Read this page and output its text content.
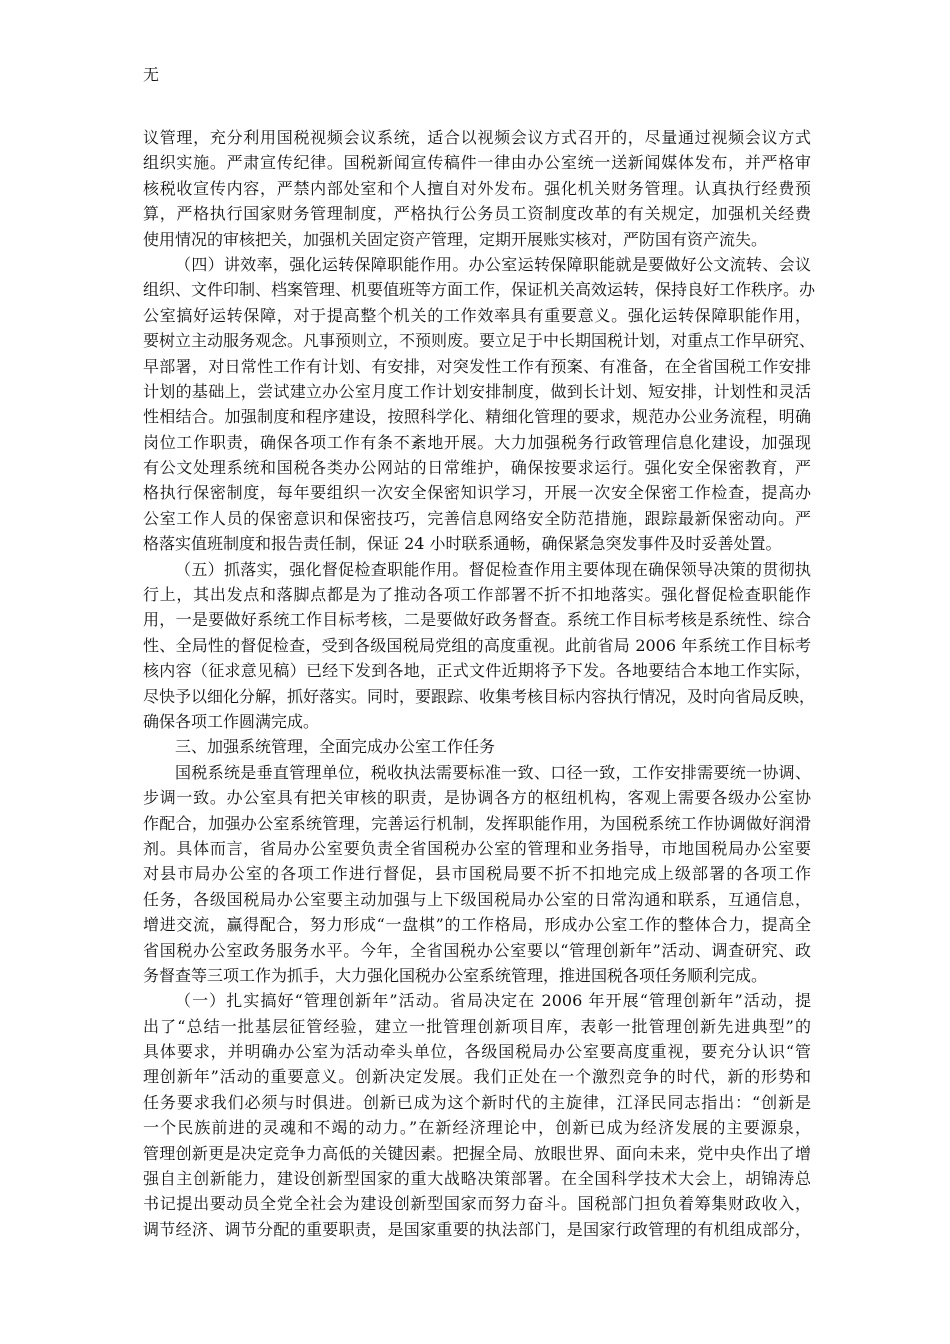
无
议管理，充分利用国税视频会议系统，适合以视频会议方式召开的，尽量通过视频会议方式
组织实施。严肃宣传纪律。国税新闻宣传稿件一律由办公室统一送新闻媒体发布，并严格审
核税收宣传内容，严禁内部处室和个人擅自对外发布。强化机关财务管理。认真执行经费预
算，严格执行国家财务管理制度，严格执行公务员工资制度改革的有关规定，加强机关经费
使用情况的审核把关，加强机关固定资产管理，定期开展账实核对，严防国有资产流失。
（四）讲效率，强化运转保障职能作用。办公室运转保障职能就是要做好公文流转、会议
组织、文件印制、档案管理、机要值班等方面工作，保证机关高效运转，保持良好工作秩序。办
公室搞好运转保障，对于提高整个机关的工作效率具有重要意义。强化运转保障职能作用，
要树立主动服务观念。凡事预则立，不预则废。要立足于中长期国税计划，对重点工作早研究、
早部署，对日常性工作有计划、有安排，对突发性工作有预案、有准备，在全省国税工作安排
计划的基础上，尝试建立办公室月度工作计划安排制度，做到长计划、短安排，计划性和灵活
性相结合。加强制度和程序建设，按照科学化、精细化管理的要求，规范办公业务流程，明确
岗位工作职责，确保各项工作有条不紊地开展。大力加强税务行政管理信息化建设，加强现
有公文处理系统和国税各类办公网站的日常维护，确保按要求运行。强化安全保密教育，严
格执行保密制度，每年要组织一次安全保密知识学习，开展一次安全保密工作检查，提高办
公室工作人员的保密意识和保密技巧，完善信息网络安全防范措施，跟踪最新保密动向。严
格落实值班制度和报告责任制，保证 24 小时联系通畅，确保紧急突发事件及时妥善处置。
（五）抓落实，强化督促检查职能作用。督促检查作用主要体现在确保领导决策的贯彻执
行上，其出发点和落脚点都是为了推动各项工作部署不折不扣地落实。强化督促检查职能作
用，一是要做好系统工作目标考核，二是要做好政务督查。系统工作目标考核是系统性、综合
性、全局性的督促检查，受到各级国税局党组的高度重视。此前省局 2006 年系统工作目标考
核内容（征求意见稿）已经下发到各地，正式文件近期将予下发。各地要结合本地工作实际，
尽快予以细化分解，抓好落实。同时，要跟踪、收集考核目标内容执行情况，及时向省局反映，
确保各项工作圆满完成。
三、加强系统管理，全面完成办公室工作任务
国税系统是垂直管理单位，税收执法需要标准一致、口径一致，工作安排需要统一协调、
步调一致。办公室具有把关审核的职责，是协调各方的枢纽机构，客观上需要各级办公室协
作配合，加强办公室系统管理，完善运行机制，发挥职能作用，为国税系统工作协调做好润滑
剂。具体而言，省局办公室要负责全省国税办公室的管理和业务指导，市地国税局办公室要
对县市局办公室的各项工作进行督促，县市国税局要不折不扣地完成上级部署的各项工作
任务，各级国税局办公室要主动加强与上下级国税局办公室的日常沟通和联系，互通信息，
增进交流，赢得配合，努力形成“一盘棋”的工作格局，形成办公室工作的整体合力，提高全
省国税办公室政务服务水平。今年，全省国税办公室要以“管理创新年”活动、调查研究、政
务督查等三项工作为抓手，大力强化国税办公室系统管理，推进国税各项任务顺利完成。
（一）扎实搞好“管理创新年”活动。省局决定在 2006 年开展“管理创新年”活动，提
出了“总结一批基层征管经验，建立一批管理创新项目库，表彰一批管理创新先进典型”的
具体要求，并明确办公室为活动牵头单位，各级国税局办公室要高度重视，要充分认识“管
理创新年”活动的重要意义。创新决定发展。我们正处在一个激烈竞争的时代，新的形势和
任务要求我们必须与时俱进。创新已成为这个新时代的主旋律，江泽民同志指出：“创新是
一个民族前进的灵魂和不竭的动力。”在新经济理论中，创新已成为经济发展的主要源泉，
管理创新更是决定竞争力高低的关键因素。把握全局、放眼世界、面向未来，党中央作出了增
强自主创新能力，建设创新型国家的重大战略决策部署。在全国科学技术大会上，胡锦涛总
书记提出要动员全党全社会为建设创新型国家而努力奋斗。国税部门担负着筹集财政收入，
调节经济、调节分配的重要职责，是国家重要的执法部门，是国家行政管理的有机组成部分，
